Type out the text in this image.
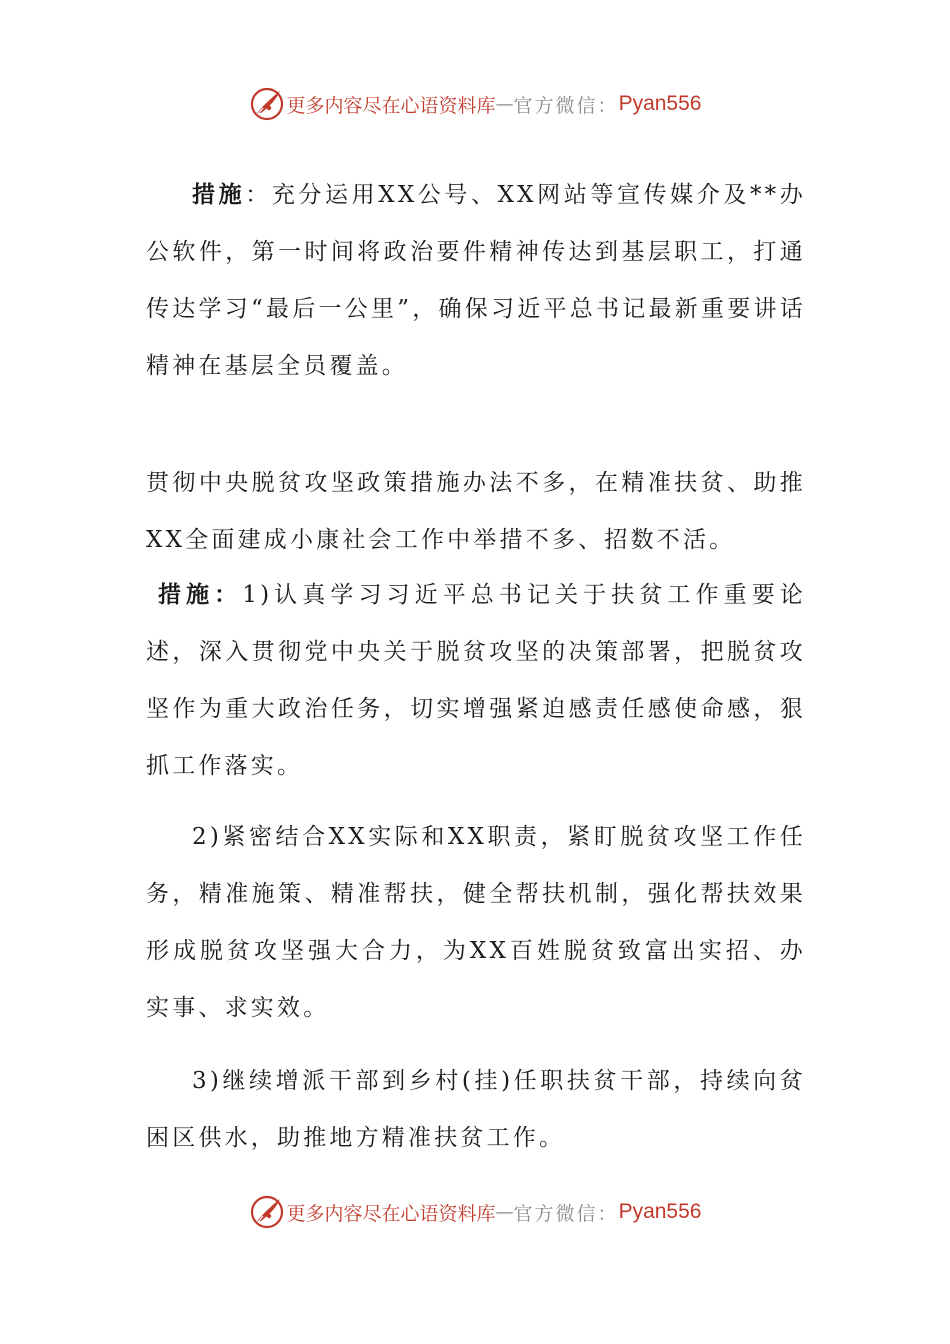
更多内容尽在心语资料库 — 官方微信： Pyan556

措施：充分运用XX公号、XX网站等宣传媒介及**办公软件，第一时间将政治要件精神传达到基层职工，打通传达学习“最后一公里”，确保习近平总书记最新重要讲话精神在基层全员覆盖。

贯彻中央脱贫攻坚政策措施办法不多，在精准扶贫、助推XX全面建成小康社会工作中举措不多、招数不活。

措施：1)认真学习习近平总书记关于扶贫工作重要论述，深入贯彻党中央关于脱贫攻坚的决策部署，把脱贫攻坚作为重大政治任务，切实增强紧迫感责任感使命感，狠抓工作落实。

2)紧密结合XX实际和XX职责，紧盯脱贫攻坚工作任务，精准施策、精准帮扶，健全帮扶机制，强化帮扶效果形成脱贫攻坚强大合力，为XX百姓脱贫致富出实招、办实事、求实效。

3)继续增派干部到乡村(挂)任职扶贫干部，持续向贫困区供水，助推地方精准扶贫工作。

更多内容尽在心语资料库 — 官方微信： Pyan556
